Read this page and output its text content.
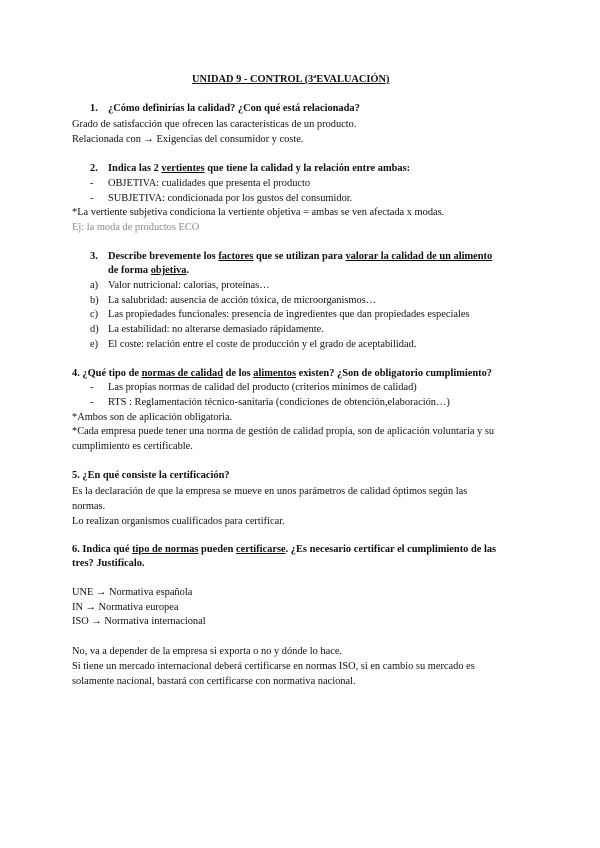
UNIDAD 9 - CONTROL (3ªEVALUACIÓN)
1. ¿Cómo definirías la calidad? ¿Con qué está relacionada?
Grado de satisfacción que ofrecen las características de un producto.
Relacionada con → Exigencias del consumidor y coste.
2. Indica las 2 vertientes que tiene la calidad y la relación entre ambas:
- OBJETIVA: cualidades que presenta el producto
- SUBJETIVA: condicionada por los gustos del consumidor.
*La vertiente subjetiva condiciona la vertiente objetiva = ambas se ven afectada x modas.
Ej: la moda de productos ECO
3. Describe brevemente los factores que se utilizan para valorar la calidad de un alimento
de forma objetiva.
a) Valor nutricional: calorías, proteínas…
b) La salubridad: ausencia de acción tóxica, de microorganismos…
c) Las propiedades funcionales: presencia de ingredientes que dan propiedades especiales
d) La estabilidad: no alterarse demasiado rápidamente.
e) El coste: relación entre el coste de producción y el grado de aceptabilidad.
4. ¿Qué tipo de normas de calidad de los alimentos existen? ¿Son de obligatorio cumplimiento?
- Las propias normas de calidad del producto (criterios mínimos de calidad)
- RTS : Reglamentación técnico-sanitaria (condiciones de obtención,elaboración…)
*Ambos son de aplicación obligatoria.
*Cada empresa puede tener una norma de gestión de calidad propia, son de aplicación voluntaria y su
cumplimiento es certificable.
5. ¿En qué consiste la certificación?
Es la declaración de que la empresa se mueve en unos parámetros de calidad óptimos según las
normas.
Lo realizan organismos cualificados para certificar.
6. Indica qué tipo de normas pueden certificarse. ¿Es necesario certificar el cumplimiento de las
tres? Justifícalo.
UNE → Normativa española
IN → Normativa europea
ISO → Normativa internacional
No, va a depender de la empresa si exporta o no y dónde lo hace.
Si tiene un mercado internacional deberá certificarse en normas ISO, si en cambio su mercado es
solamente nacional, bastará con certificarse con normativa nacional.
